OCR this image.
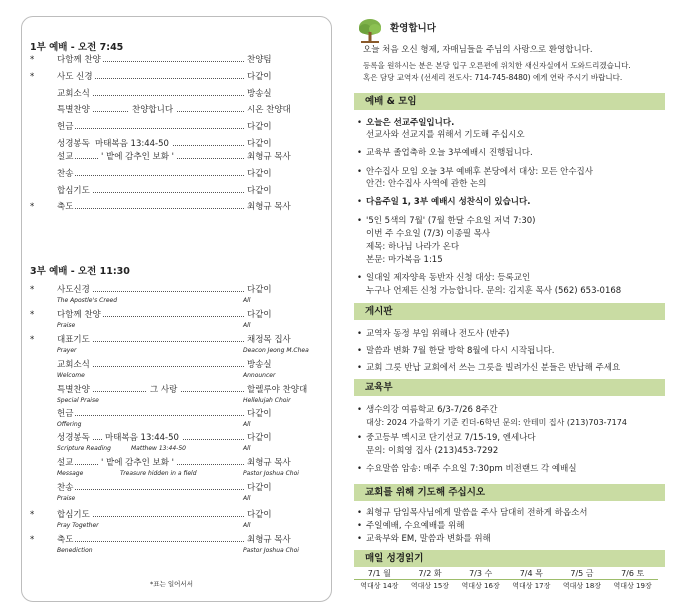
1부 예배 - 오전 7:45
*	다함께 찬양	찬양팀
*	사도 신경	다같이
교회소식	방송실
특별찬양	찬양합니다	시온 찬양대
헌금	다같이
성경봉독 마태복음 13:44-50	다같이
설교	' 밭에 감추인 보화 '	최형규 목사
찬송	다같이
합심기도	다같이
*	축도	최형규 목사
3부 예배 - 오전 11:30
*	사도신경	다같이
The Apostle's Creed	All
*	다함께 찬양	다같이
Praise	All
*	대표기도	채정목 집사
Prayer	Deacon Jeong M.Chea
교회소식	방송실
Welcome	Announcer
특별찬양	그 사랑	할렐루야 찬양대
Special Praise	Hellelujah Choir
헌금	다같이
Offering	All
성경봉독	마태복음 13:44-50	다같이
Scripture Reading	Matthew 13:44-50	All
설교	' 밭에 감추인 보화 '	최형규 목사
Message	Treasure hidden in a field	Pastor Joshua Choi
찬송	다같이
Praise	All
*	합심기도	다같이
Pray Together	All
*	축도	최형규 목사
Benediction	Pastor Joshua Choi
*표는 일어서서
환영합니다
오늘 처음 오신 형제, 자매님들을 주님의 사랑으로 환영합니다.
등록을 원하시는 분은 본당 입구 오른편에 위치한 새신자실에서 도와드리겠습니다.
혹은 담당 교역자 (선세리 전도사: 714-745-8480) 에게 연락 주시기 바랍니다.
예배 & 모임
• 오늘은 선교주일입니다.
선교사와 선교지를 위해서 기도해 주십시오
• 교육부 졸업축하 오늘 3부예배시 진행됩니다.
• 안수집사 모임 오늘 3부 예배후 본당에서 대상: 모든 안수집사
안건: 안수집사 사역에 관한 논의
• 다음주일 1, 3부 예배시 성찬식이 있습니다.
• '5인 5색의 7월' (7월 한달 수요일 저녁 7:30)
이번 주 수요일 (7/3) 이종필 목사
제목: 하나님 나라가 온다
본문: 마가복음 1:15
• 일대일 제자양육 동반자 신청 대상: 등록교인
누구나 언제든 신청 가능합니다. 문의: 김지훈 목사 (562) 653-0168
게시판
• 교역자 동정 부임 위해나 전도사 (반주)
• 말씀과 변화 7월 한달 방학 8월에 다시 시작됩니다.
• 교회 그릇 반납 교회에서 쓰는 그릇을 빌려가신 분들은 반납해 주세요
교육부
• 생수의강 여름학교 6/3-7/26 8주간
대상: 2024 가을학기 기준 킨더-6학년 문의: 안테미 집사 (213)703-7174
• 중고등부 멕시코 단기선교 7/15-19, 엔세나다
문의: 이희영 집사 (213)453-7292
• 수요말씀 암송: 매주 수요일 7:30pm 비전랜드 각 예배실
교회를 위해 기도해 주십시오
• 최형규 담임목사님에게 말씀을 주사 담대히 전하게 하옵소서
• 주일예배, 수요예배를 위해
• 교육부와 EM, 말씀과 변화를 위해
매일 성경읽기
7/1 월	7/2 화	7/3 수	7/4 목	7/5 금	7/6 토
역대상 14장	역대상 15장	역대상 16장	역대상 17장	역대상 18장	역대상 19장
